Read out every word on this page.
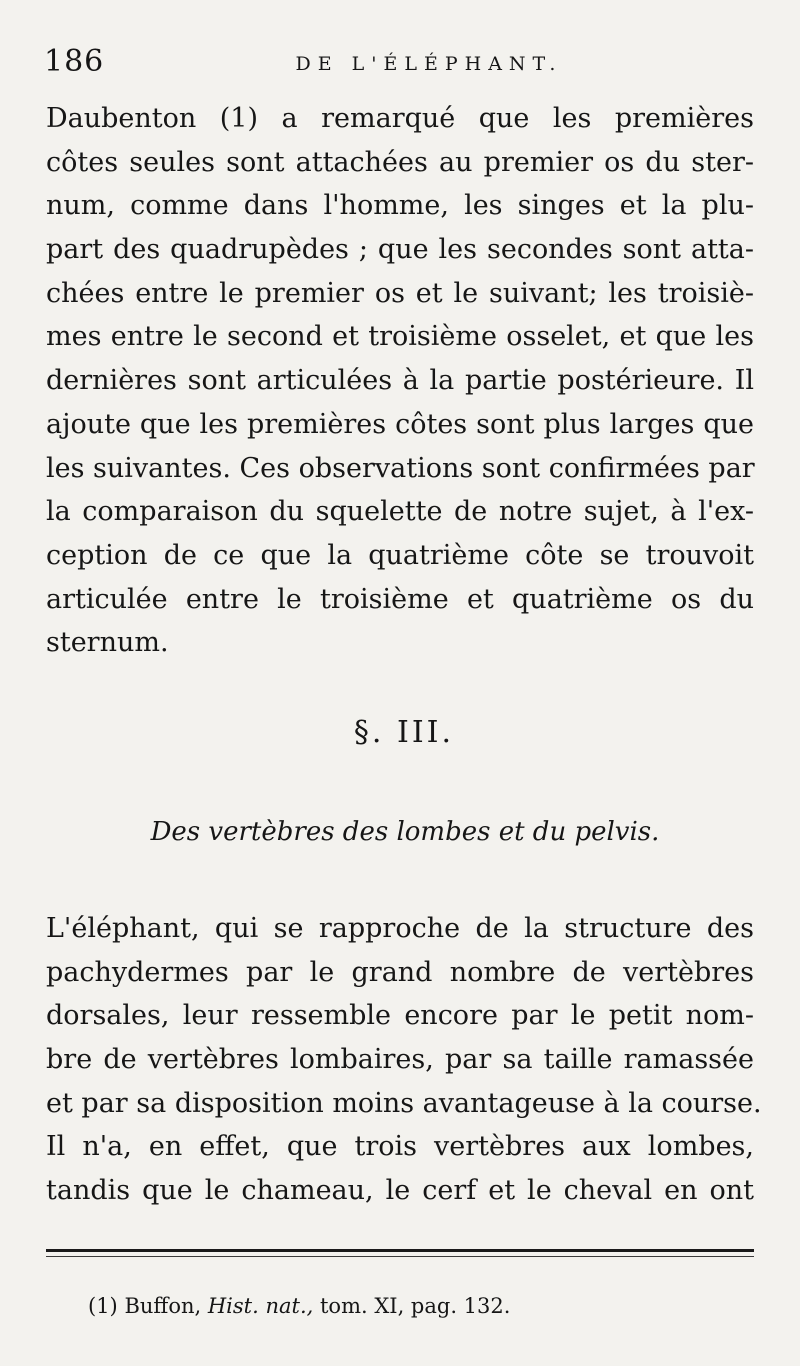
186	DE L'ÉLÉPHANT.
Daubenton (1) a remarqué que les premières
côtes seules sont attachées au premier os du ster-
num, comme dans l'homme, les singes et la plu-
part des quadrupèdes ; que les secondes sont atta-
chées entre le premier os et le suivant; les troisiè-
mes entre le second et troisième osselet, et que les
dernières sont articulées à la partie postérieure. Il
ajoute que les premières côtes sont plus larges que
les suivantes. Ces observations sont confirmées par
la comparaison du squelette de notre sujet, à l'ex-
ception de ce que la quatrième côte se trouvoit
articulée entre le troisième et quatrième os du
sternum.
§. III.
Des vertèbres des lombes et du pelvis.
L'éléphant, qui se rapproche de la structure des
pachydermes par le grand nombre de vertèbres
dorsales, leur ressemble encore par le petit nom-
bre de vertèbres lombaires, par sa taille ramassée
et par sa disposition moins avantageuse à la course.
Il n'a, en effet, que trois vertèbres aux lombes,
tandis que le chameau, le cerf et le cheval en ont
(1) Buffon, Hist. nat., tom. XI, pag. 132.
